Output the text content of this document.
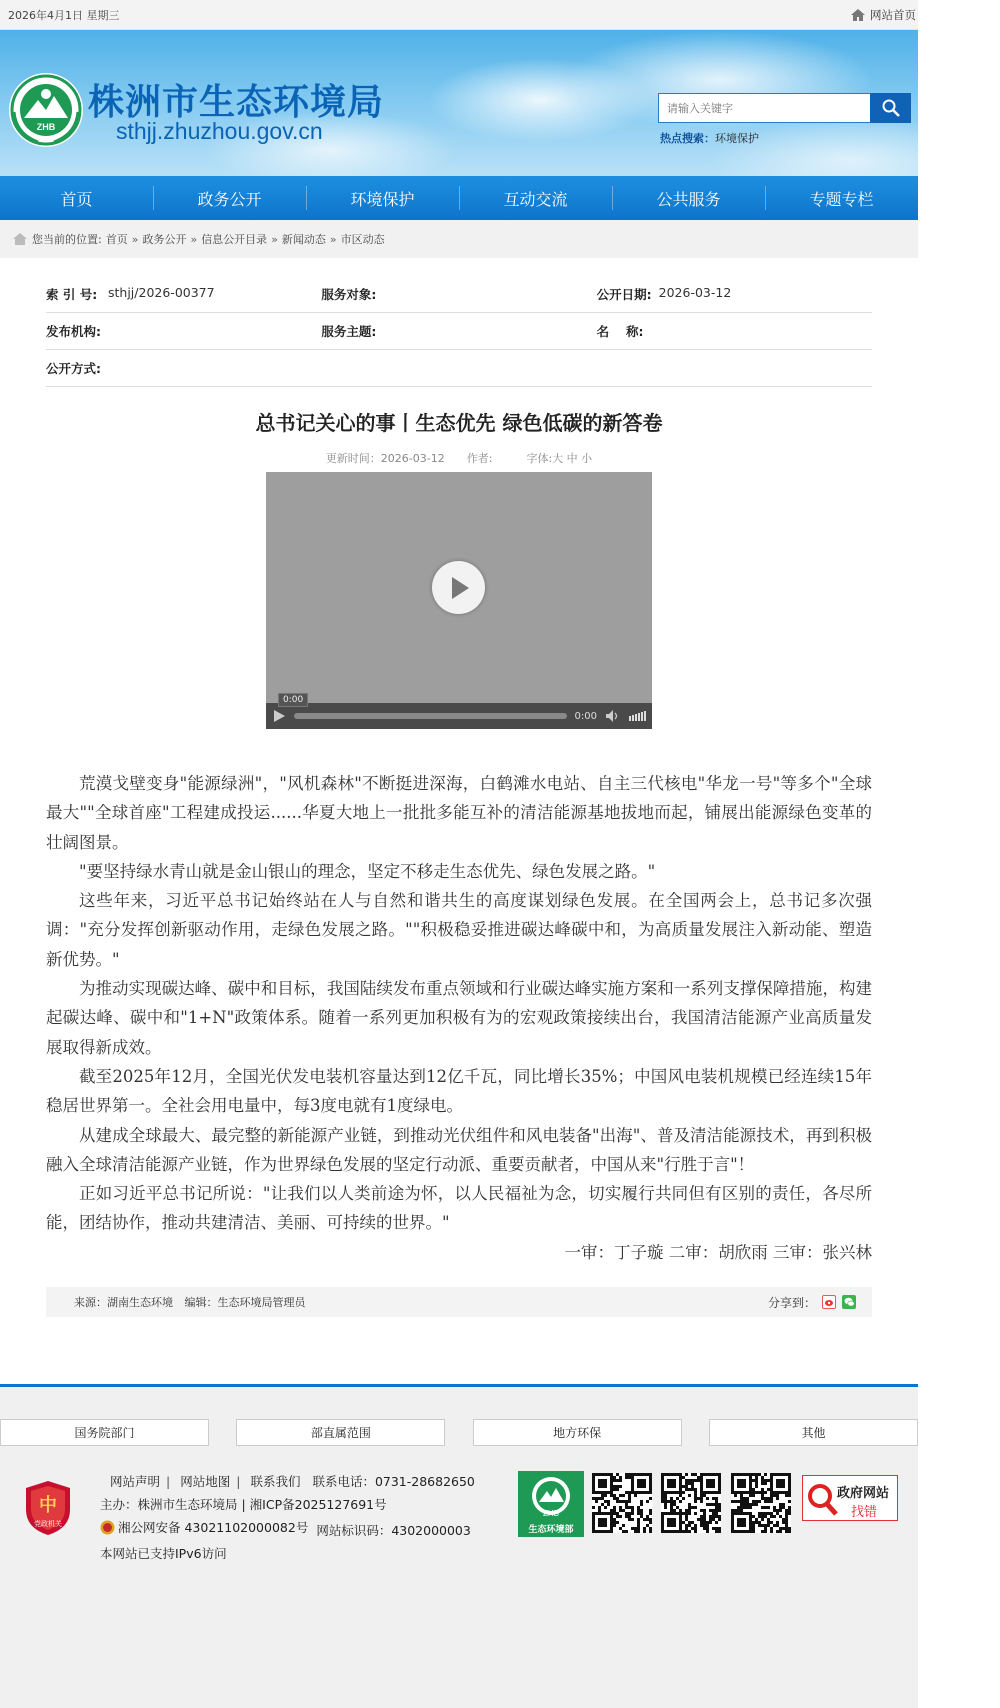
2026年4月1日 星期三	网站首页
ZHB
株洲市生态环境局
sthjj.zhuzhou.gov.cn
请输入关键字	热点搜索：环境保护
首页	政务公开	环境保护	互动交流	公共服务	专题专栏
您当前的位置: 首页 » 政务公开 » 信息公开目录 » 新闻动态 » 市区动态
索 引 号: sthjj/2026-00377	服务对象:	公开日期: 2026-03-12
发布机构:	服务主题:	名　 称:
公开方式:
总书记关心的事丨生态优先 绿色低碳的新答卷
更新时间：2026-03-12 作者:	字体:大 中 小
0:00
0:00

荒漠戈壁变身"能源绿洲"，"风机森林"不断挺进深海，白鹤滩水电站、自主三代核电"华龙一号"等多个"全球最大""全球首座"工程建成投运......华夏大地上一批批多能互补的清洁能源基地拔地而起，铺展出能源绿色变革的壮阔图景。

"要坚持绿水青山就是金山银山的理念，坚定不移走生态优先、绿色发展之路。"

这些年来，习近平总书记始终站在人与自然和谐共生的高度谋划绿色发展。在全国两会上，总书记多次强调："充分发挥创新驱动作用，走绿色发展之路。""积极稳妥推进碳达峰碳中和，为高质量发展注入新动能、塑造新优势。"

为推动实现碳达峰、碳中和目标，我国陆续发布重点领域和行业碳达峰实施方案和一系列支撑保障措施，构建起碳达峰、碳中和"1+N"政策体系。随着一系列更加积极有为的宏观政策接续出台，我国清洁能源产业高质量发展取得新成效。

截至2025年12月，全国光伏发电装机容量达到12亿千瓦，同比增长35%；中国风电装机规模已经连续15年稳居世界第一。全社会用电量中，每3度电就有1度绿电。

从建成全球最大、最完整的新能源产业链，到推动光伏组件和风电装备"出海"、普及清洁能源技术，再到积极融入全球清洁能源产业链，作为世界绿色发展的坚定行动派、重要贡献者，中国从来"行胜于言"！

正如习近平总书记所说："让我们以人类前途为怀，以人民福祉为念，切实履行共同但有区别的责任，各尽所能，团结协作，推动共建清洁、美丽、可持续的世界。"

一审：丁子璇 二审：胡欣雨 三审：张兴林

来源：湖南生态环境 编辑：生态环境局管理员	分享到：
国务院部门	部直属范围	地方环保	其他
中
党政机关
网站声明 | 网站地图 | 联系我们 联系电话：0731-28682650
主办：株洲市生态环境局 | 湘ICP备2025127691号
湘公网安备 43021102000082号 网站标识码：4302000003
本网站已支持IPv6访问
ZHB
生态环境部
政府网站
找错
